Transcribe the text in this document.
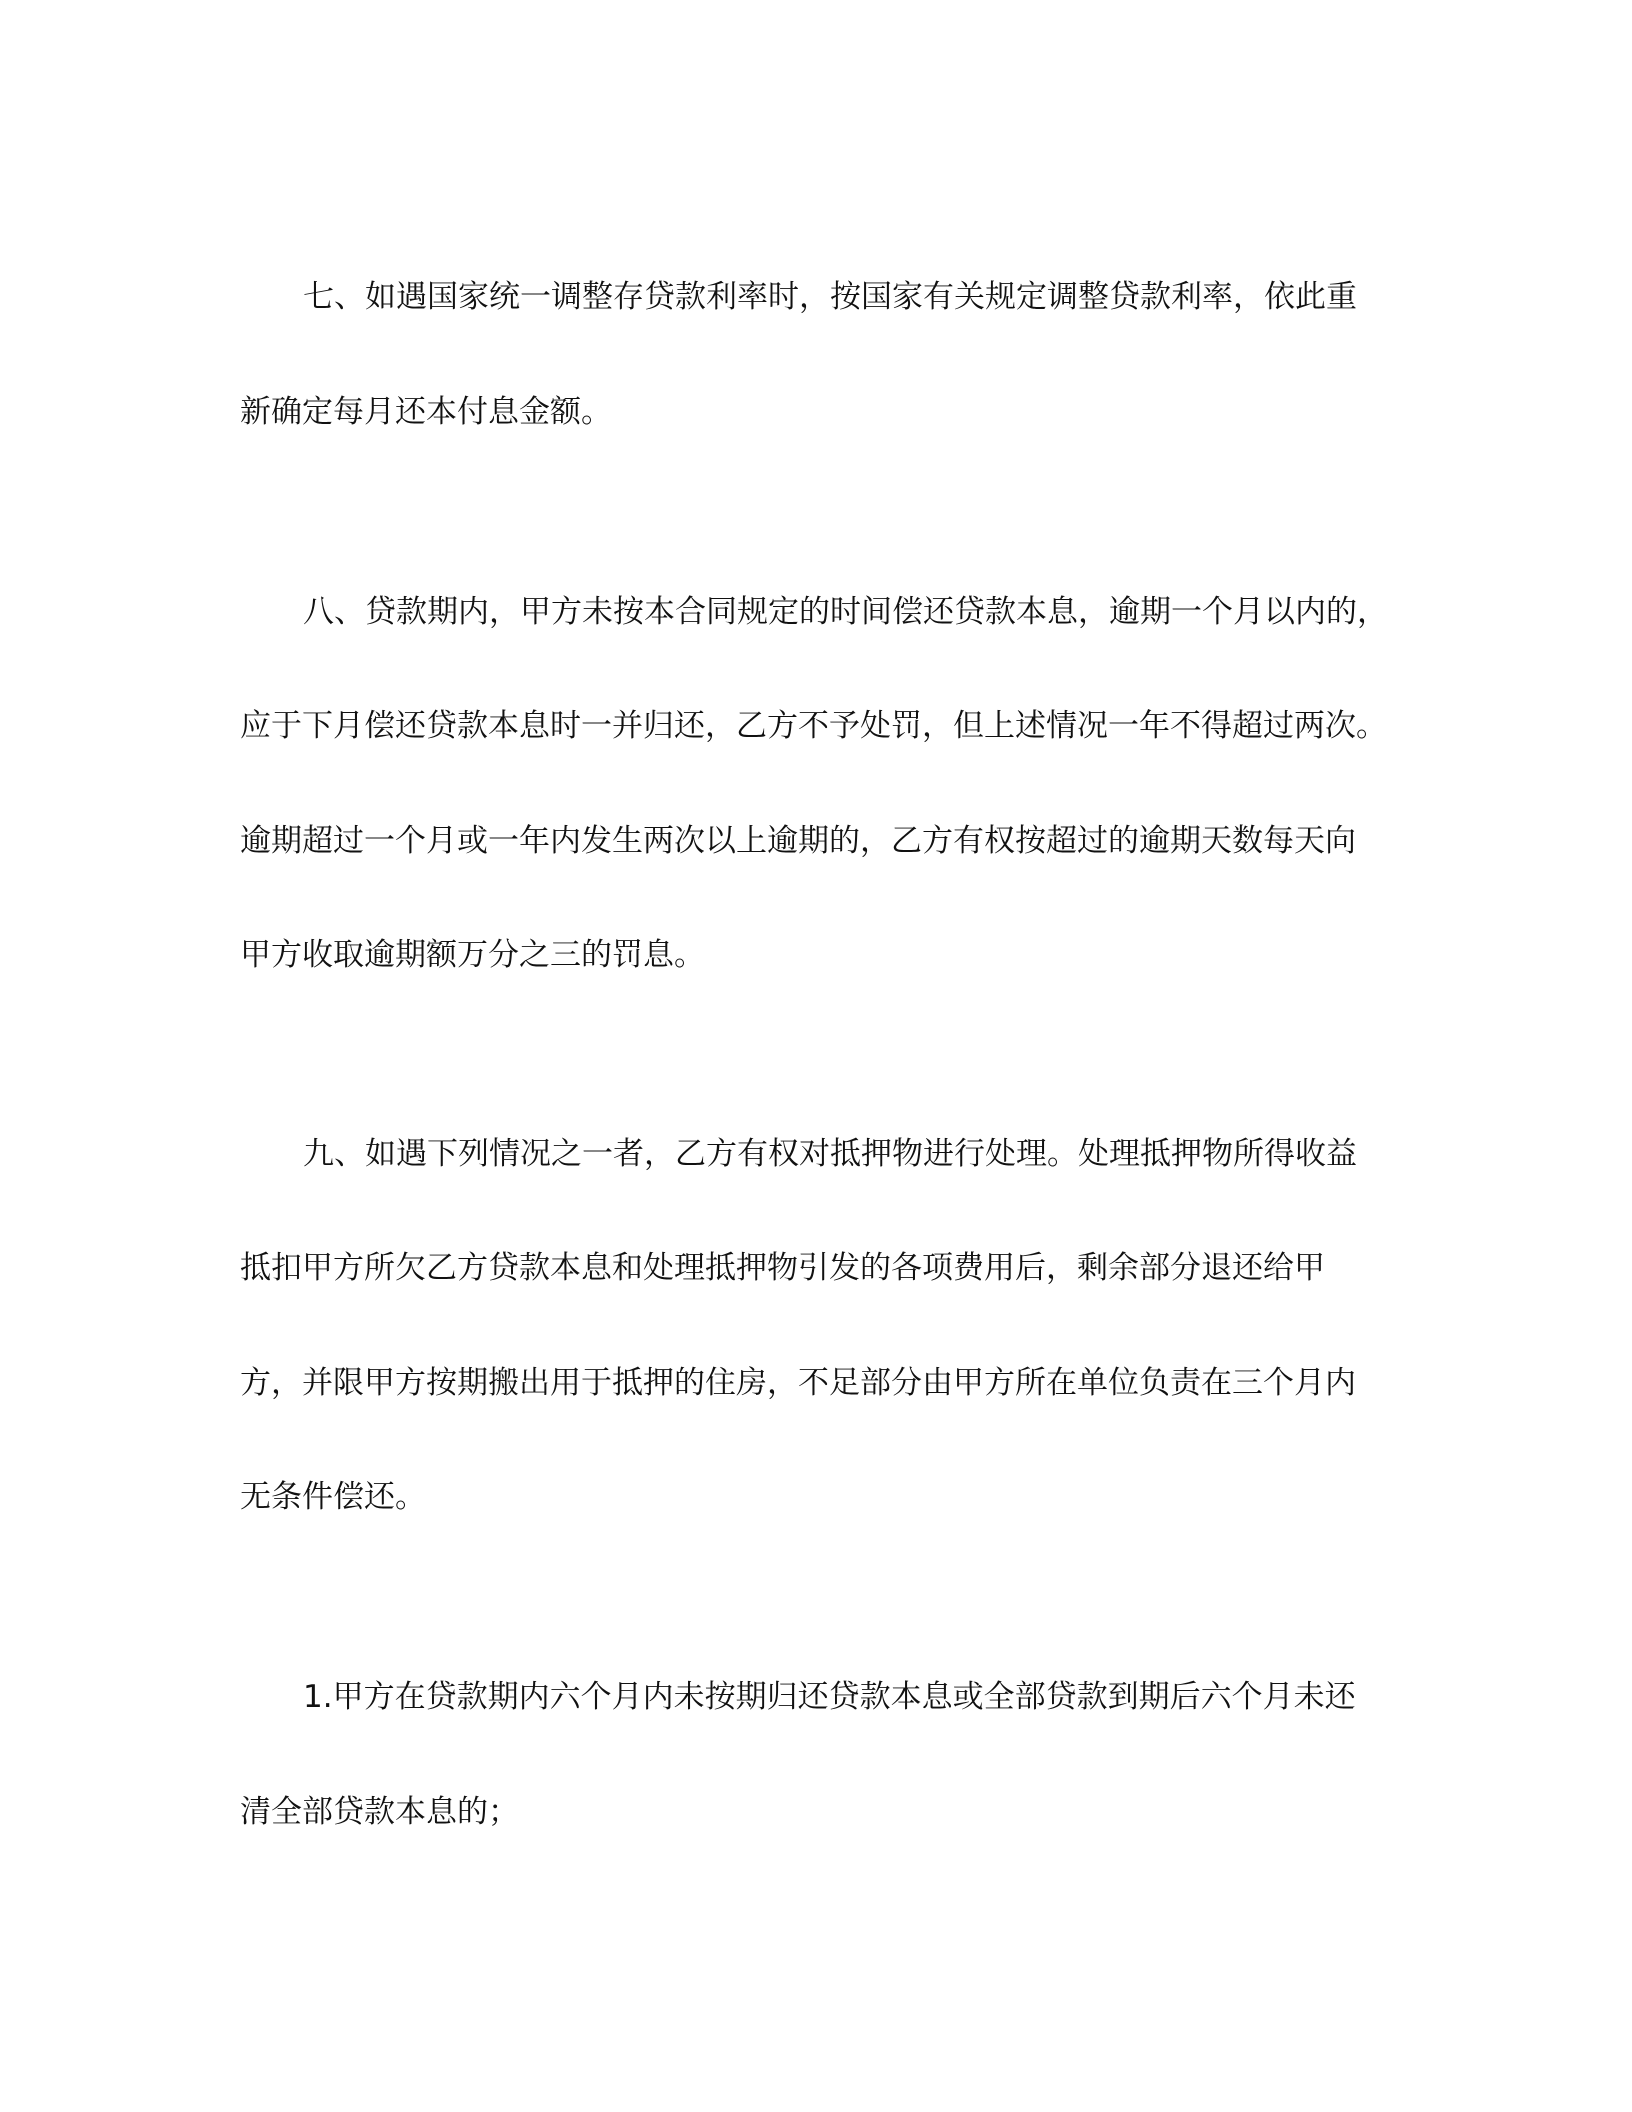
七、如遇国家统一调整存贷款利率时，按国家有关规定调整贷款利率，依此重
新确定每月还本付息金额。
八、贷款期内，甲方未按本合同规定的时间偿还贷款本息，逾期一个月以内的，
应于下月偿还贷款本息时一并归还，乙方不予处罚，但上述情况一年不得超过两次。
逾期超过一个月或一年内发生两次以上逾期的，乙方有权按超过的逾期天数每天向
甲方收取逾期额万分之三的罚息。
九、如遇下列情况之一者，乙方有权对抵押物进行处理。处理抵押物所得收益
抵扣甲方所欠乙方贷款本息和处理抵押物引发的各项费用后，剩余部分退还给甲
方，并限甲方按期搬出用于抵押的住房，不足部分由甲方所在单位负责在三个月内
无条件偿还。
1.甲方在贷款期内六个月内未按期归还贷款本息或全部贷款到期后六个月未还
清全部贷款本息的；
